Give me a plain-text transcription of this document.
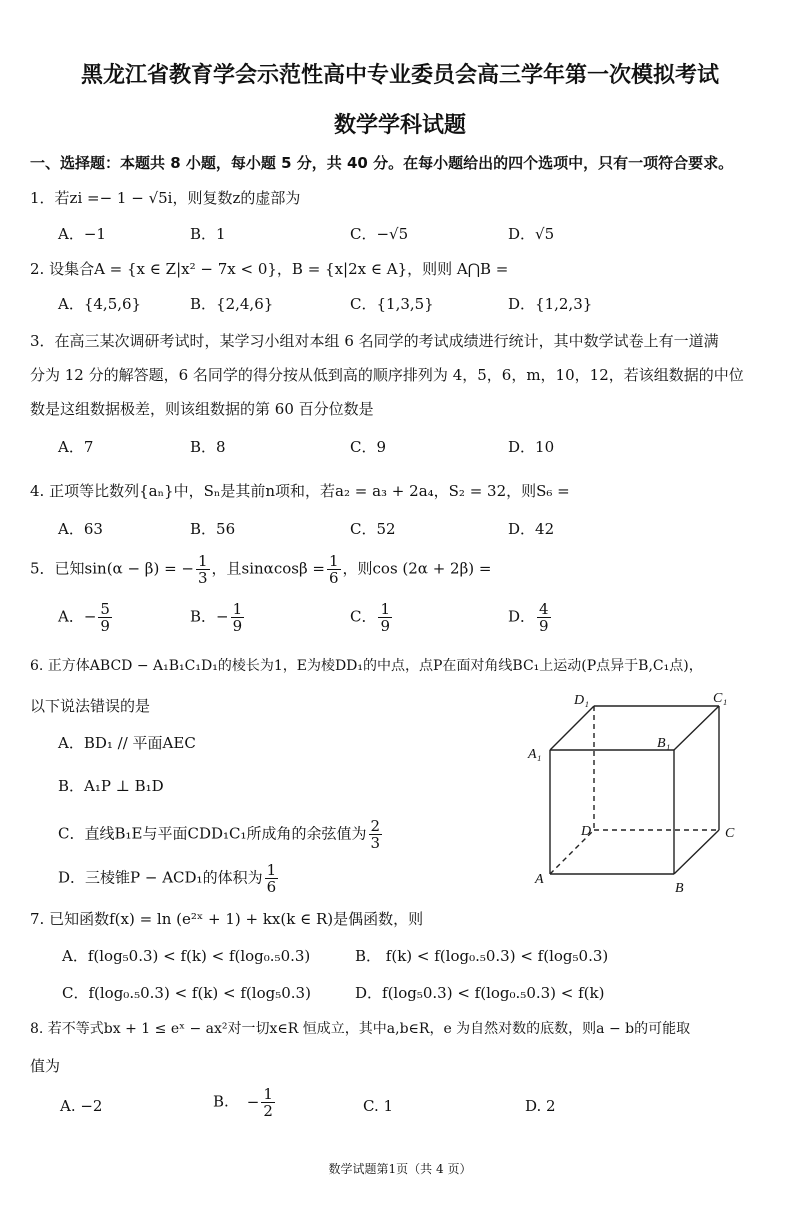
黑龙江省教育学会示范性高中专业委员会高三学年第一次模拟考试
数学学科试题
一、选择题：本题共 8 小题，每小题 5 分，共 40 分。在每小题给出的四个选项中，只有一项符合要求。
1．若zi =− 1 − √5i，则复数z的虚部为
A．−1	B．1	C．−√5	D．√5
2. 设集合A = {x ∈ Z|x² − 7x < 0}，B = {x|2x ∈ A}，则则 A⋂B =
A．{4,5,6}	B．{2,4,6}	C．{1,3,5}	D．{1,2,3}
3．在高三某次调研考试时，某学习小组对本组 6 名同学的考试成绩进行统计，其中数学试卷上有一道满
分为 12 分的解答题，6 名同学的得分按从低到高的顺序排列为 4，5，6，m，10，12，若该组数据的中位
数是这组数据极差，则该组数据的第 60 百分位数是
A．7	B．8	C．9	D．10
4. 正项等比数列{aₙ}中，Sₙ是其前n项和，若a₂ = a₃ + 2a₄，S₂ = 32，则S₆ =
A．63	B．56	C．52	D．42
5．已知sin(α − β) = − $\frac{1}{3}$ ，且$\sin\alpha\cos\beta = \frac{1}{6}$ ，则cos (2α + 2β) =
A．− $\frac{5}{9}$	B．− $\frac{1}{9}$	C． $\frac{1}{9}$	D． $\frac{4}{9}$
6. 正方体ABCD − A₁B₁C₁D₁的棱长为1，E为棱DD₁的中点，点P在面对角线BC₁上运动(P点异于B,C₁点)，
以下说法错误的是
A．BD₁ // 平面AEC
B．A₁P ⊥ B₁D
C．直线B₁E与平面CDD₁C₁所成角的余弦值为 $\frac{2}{3}$
D．三棱锥P − ACD₁的体积为 $\frac{1}{6}$
D₁	C₁
A₁
B₁
D	C
A
B
7. 已知函数f(x) = ln (e²ˣ + 1) + kx(k ∈ R)是偶函数，则
A．f(log₅0.3) < f(k) < f(log₀.₅0.3)	B． f(k) < f(log₀.₅0.3) < f(log₅0.3)
C．f(log₀.₅0.3) < f(k) < f(log₅0.3)	D．f(log₅0.3) < f(log₀.₅0.3) < f(k)
8. 若不等式bx + 1 ≤ eˣ − ax²对一切x∈R 恒成立，其中a,b∈R，e 为自然对数的底数，则a − b的可能取
值为
A. −2	B. − $\frac{1}{2}$	C. 1	D. 2
数学试题第1页（共 4 页）
